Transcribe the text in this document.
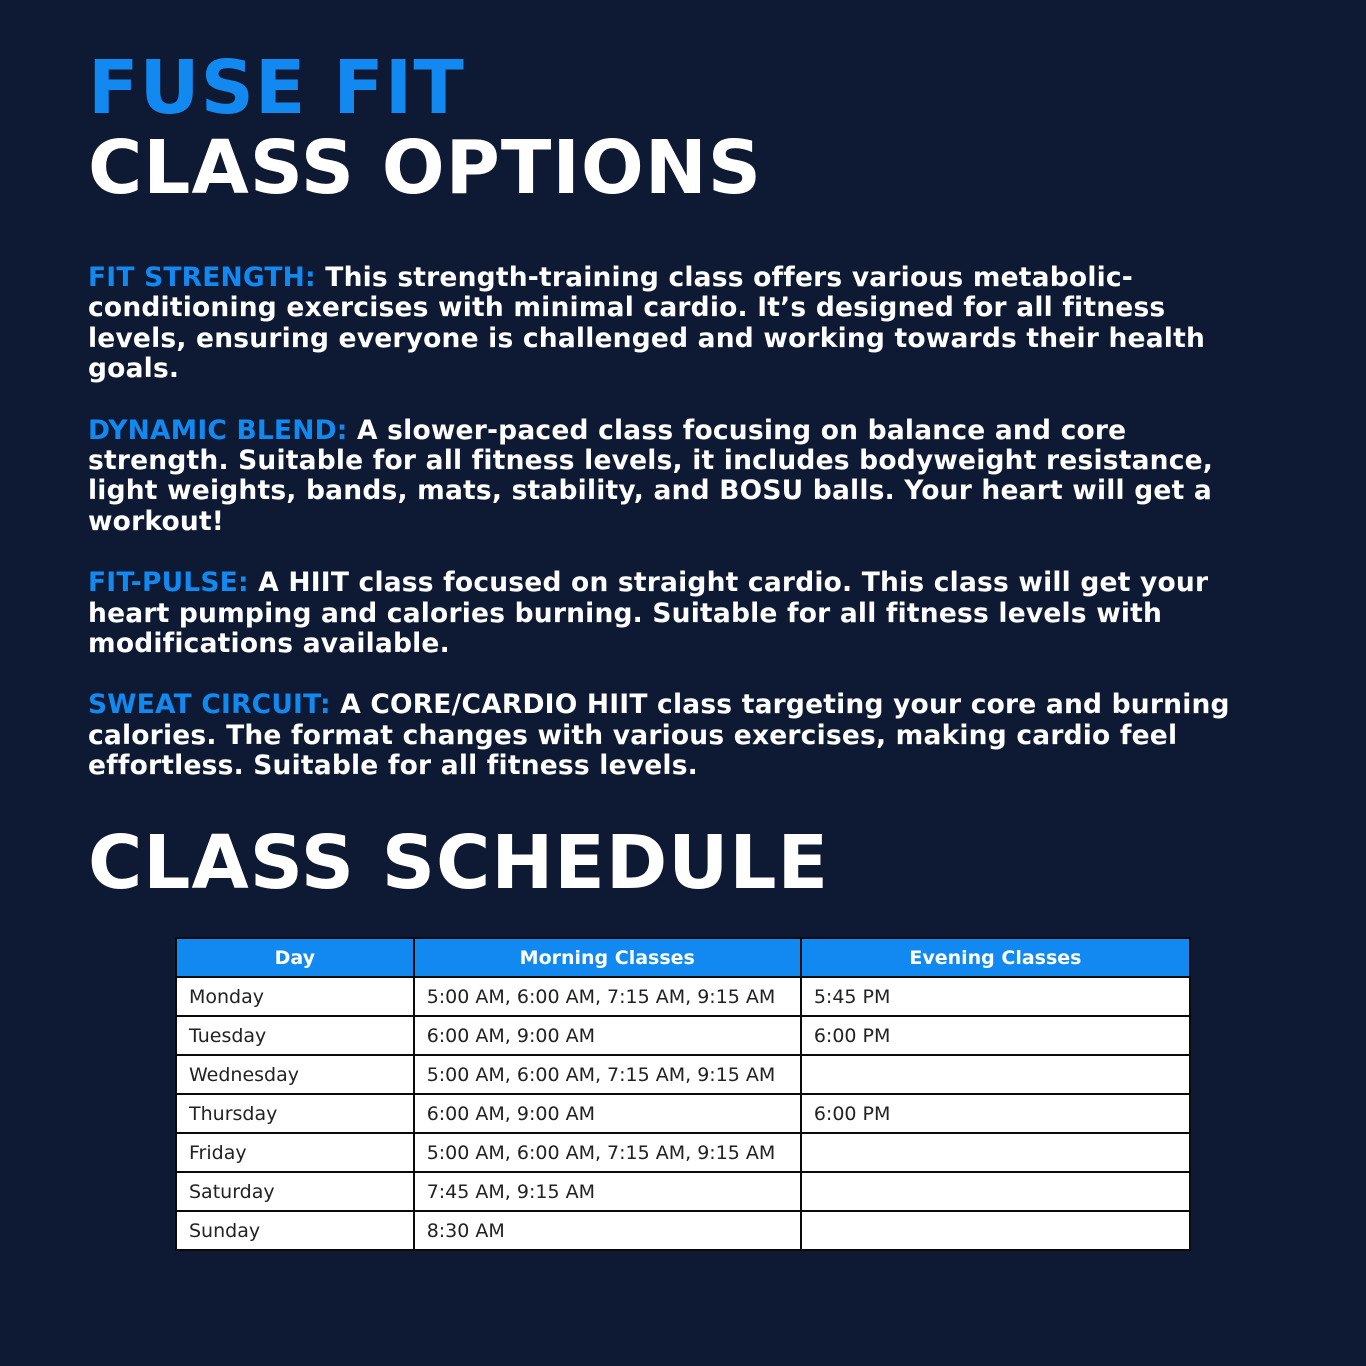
FUSE FIT
CLASS OPTIONS

FIT STRENGTH: This strength-training class offers various metabolic-conditioning exercises with minimal cardio. It’s designed for all fitness levels, ensuring everyone is challenged and working towards their health goals.

DYNAMIC BLEND: A slower-paced class focusing on balance and core strength. Suitable for all fitness levels, it includes bodyweight resistance, light weights, bands, mats, stability, and BOSU balls. Your heart will get a workout!

FIT-PULSE: A HIIT class focused on straight cardio. This class will get your heart pumping and calories burning. Suitable for all fitness levels with modifications available.

SWEAT CIRCUIT: A CORE/CARDIO HIIT class targeting your core and burning calories. The format changes with various exercises, making cardio feel effortless. Suitable for all fitness levels.

CLASS SCHEDULE
Day	Morning Classes	Evening Classes
Monday	5:00 AM, 6:00 AM, 7:15 AM, 9:15 AM	5:45 PM
Tuesday	6:00 AM, 9:00 AM	6:00 PM
Wednesday	5:00 AM, 6:00 AM, 7:15 AM, 9:15 AM	
Thursday	6:00 AM, 9:00 AM	6:00 PM
Friday	5:00 AM, 6:00 AM, 7:15 AM, 9:15 AM	
Saturday	7:45 AM, 9:15 AM	
Sunday	8:30 AM	
